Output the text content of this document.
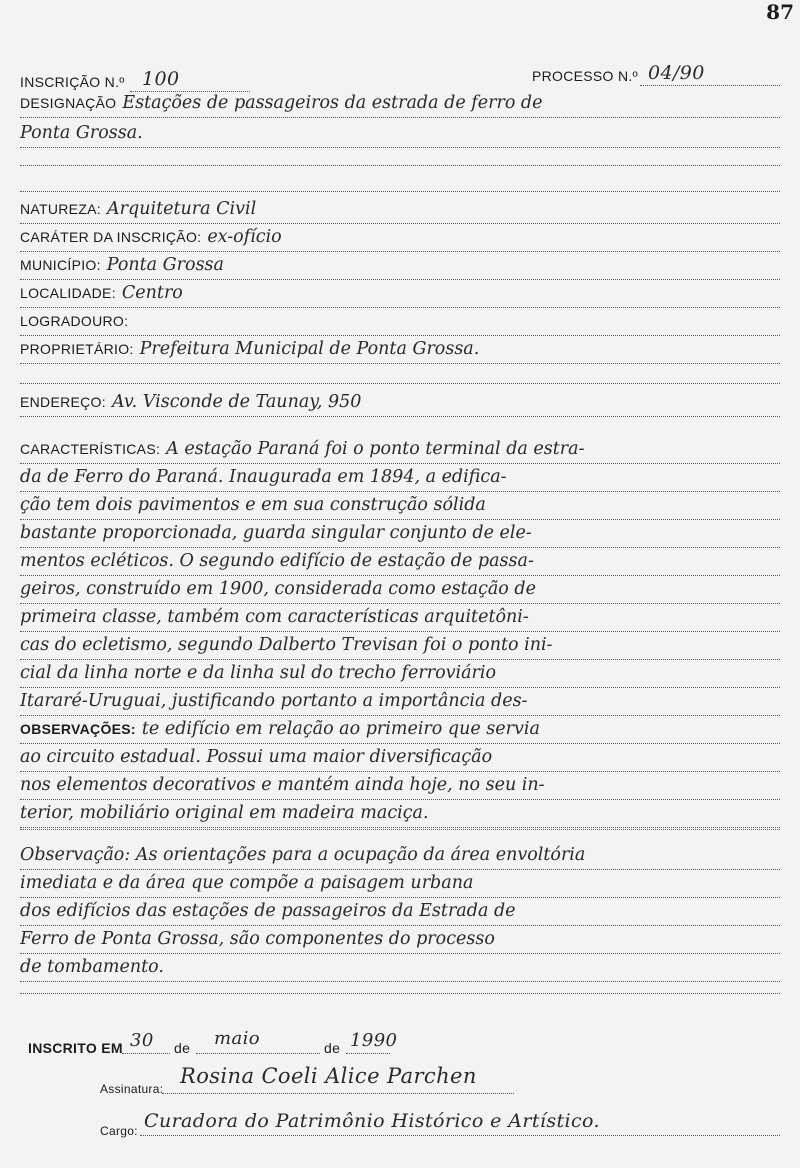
87
INSCRIÇÃO N.º 100	PROCESSO N.º 04/90
DESIGNAÇÃO Estações de passageiros da estrada de ferro de
Ponta Grossa.
NATUREZA: Arquitetura Civil
CARÁTER DA INSCRIÇÃO: ex-ofício
MUNICÍPIO: Ponta Grossa
LOCALIDADE: Centro
LOGRADOURO:
PROPRIETÁRIO: Prefeitura Municipal de Ponta Grossa.
ENDEREÇO: Av. Visconde de Taunay, 950
CARACTERÍSTICAS: A estação Paraná foi o ponto terminal da estra-
da de Ferro do Paraná. Inaugurada em 1894, a edifica-
ção tem dois pavimentos e em sua construção sólida
bastante proporcionada, guarda singular conjunto de ele-
mentos ecléticos. O segundo edifício de estação de passa-
geiros, construído em 1900, considerada como estação de
primeira classe, também com características arquitetôni-
cas do ecletismo, segundo Dalberto Trevisan foi o ponto ini-
cial da linha norte e da linha sul do trecho ferroviário
Itararé-Uruguai, justificando portanto a importância des-
OBSERVAÇÕES: te edifício em relação ao primeiro que servia
ao circuito estadual. Possui uma maior diversificação
nos elementos decorativos e mantém ainda hoje, no seu in-
terior, mobiliário original em madeira maciça.
Observação: As orientações para a ocupação da área envoltória
imediata e da área que compõe a paisagem urbana
dos edifícios das estações de passageiros da Estrada de
Ferro de Ponta Grossa, são componentes do processo
de tombamento.
INSCRITO EM 30 de maio	de 1990
Assinatura:
Rosina Coeli Alice Parchen
Cargo: Curadora do Patrimônio Histórico e Artístico.
